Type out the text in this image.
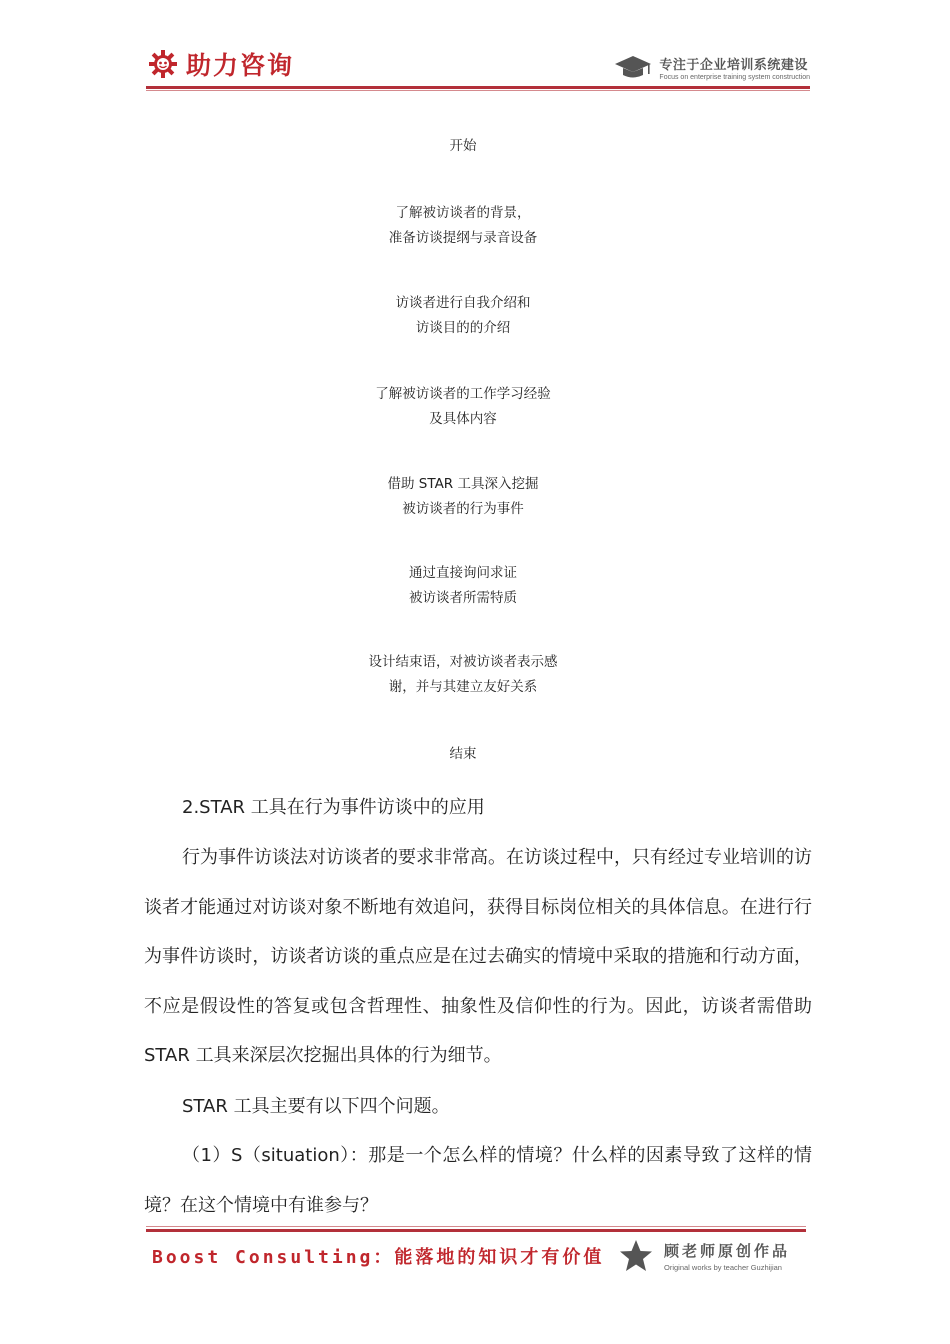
助力咨询	专注于企业培训系统建设
Focus on enterprise training system construction
开始
了解被访谈者的背景，
准备访谈提纲与录音设备
访谈者进行自我介绍和
访谈目的的介绍
了解被访谈者的工作学习经验
及具体内容
借助 STAR 工具深入挖掘
被访谈者的行为事件
通过直接询问求证
被访谈者所需特质
设计结束语，对被访谈者表示感
谢，并与其建立友好关系
结束
2.STAR 工具在行为事件访谈中的应用

行为事件访谈法对访谈者的要求非常高。在访谈过程中，只有经过专业培训的访谈者才能通过对访谈对象不断地有效追问，获得目标岗位相关的具体信息。在进行行为事件访谈时，访谈者访谈的重点应是在过去确实的情境中采取的措施和行动方面，不应是假设性的答复或包含哲理性、抽象性及信仰性的行为。因此，访谈者需借助 STAR 工具来深层次挖掘出具体的行为细节。

STAR 工具主要有以下四个问题。

（1）S（situation）：那是一个怎么样的情境？什么样的因素导致了这样的情境？在这个情境中有谁参与？

Boost Consulting：能落地的知识才有价值	顾老师原创作品
Original works by teacher Guzhijian
